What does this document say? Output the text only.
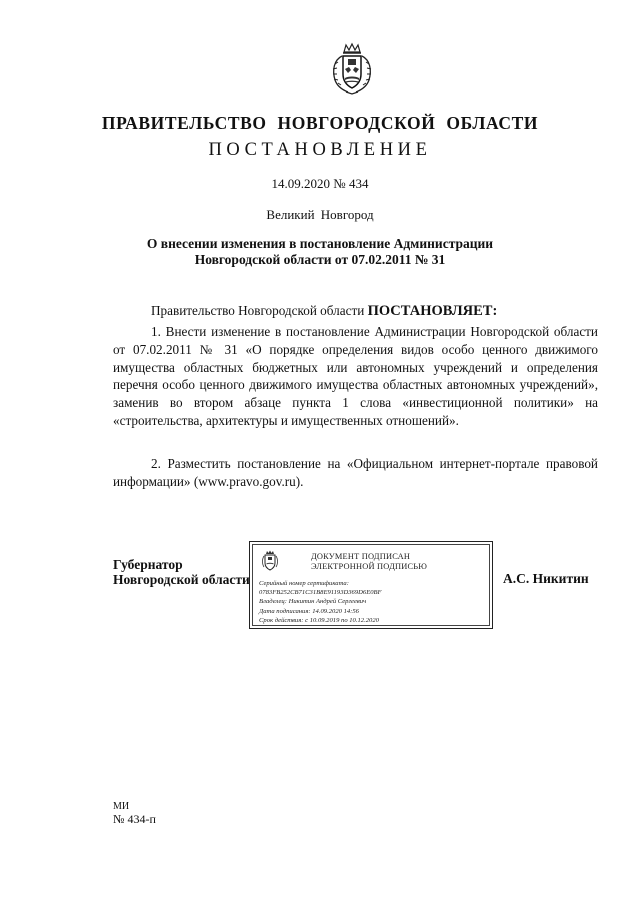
ПРАВИТЕЛЬСТВО НОВГОРОДСКОЙ ОБЛАСТИ
ПОСТАНОВЛЕНИЕ
14.09.2020 № 434
Великий Новгород
О внесении изменения в постановление Администрации
Новгородской области от 07.02.2011 № 31
Правительство Новгородской области ПОСТАНОВЛЯЕТ:
1. Внести изменение в постановление Администрации Новгородской области от 07.02.2011 № 31 «О порядке определения видов особо ценного движимого имущества областных бюджетных или автономных учреждений и определения перечня особо ценного движимого имущества областных автономных учреждений», заменив во втором абзаце пункта 1 слова «инвестиционной политики» на «строительства, архитектуры и имущественных отношений».
2. Разместить постановление на «Официальном интернет-портале правовой информации» (www.pravo.gov.ru).
Губернатор
Новгородской области
ДОКУМЕНТ ПОДПИСАН
ЭЛЕКТРОННОЙ ПОДПИСЬЮ
Серийный номер сертификата: 0783FB252CB71C31B8E91193D369D6E0BF
Владелец: Никитин Андрей Сергеевич
Дата подписания: 14.09.2020 14:56
Срок действия: с 10.09.2019 по 10.12.2020
А.С. Никитин
МИ
№ 434-п
